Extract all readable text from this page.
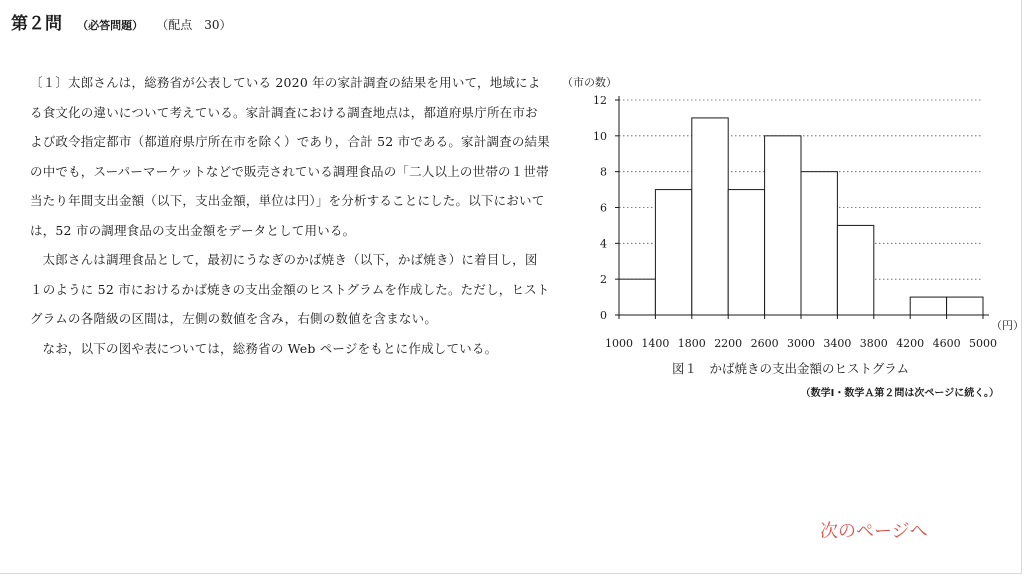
第２問 （必答問題） （配点　30）

〔１〕太郎さんは，総務省が公表している 2020 年の家計調査の結果を用いて，地域による食文化の違いについて考えている。家計調査における調査地点は，都道府県庁所在市および政令指定都市（都道府県庁所在市を除く）であり，合計 52 市である。家計調査の結果の中でも，スーパーマーケットなどで販売されている調理食品の「二人以上の世帯の１世帯当たり年間支出金額（以下，支出金額，単位は円）」を分析することにした。以下においては，52 市の調理食品の支出金額をデータとして用いる。

太郎さんは調理食品として，最初にうなぎのかば焼き（以下，かば焼き）に着目し，図１のように 52 市におけるかば焼きの支出金額のヒストグラムを作成した。ただし，ヒストグラムの各階級の区間は，左側の数値を含み，右側の数値を含まない。

なお，以下の図や表については，総務省の Web ページをもとに作成している。

0
2
4
6
8
10
12
1000 1400 1800 2200 2600 3000 3400 3800 4200 4600 5000
（市の数）
（円）
図１　かば焼きの支出金額のヒストグラム
（数学Ⅰ・数学Ａ第２問は次ページに続く。）
次のページへ
